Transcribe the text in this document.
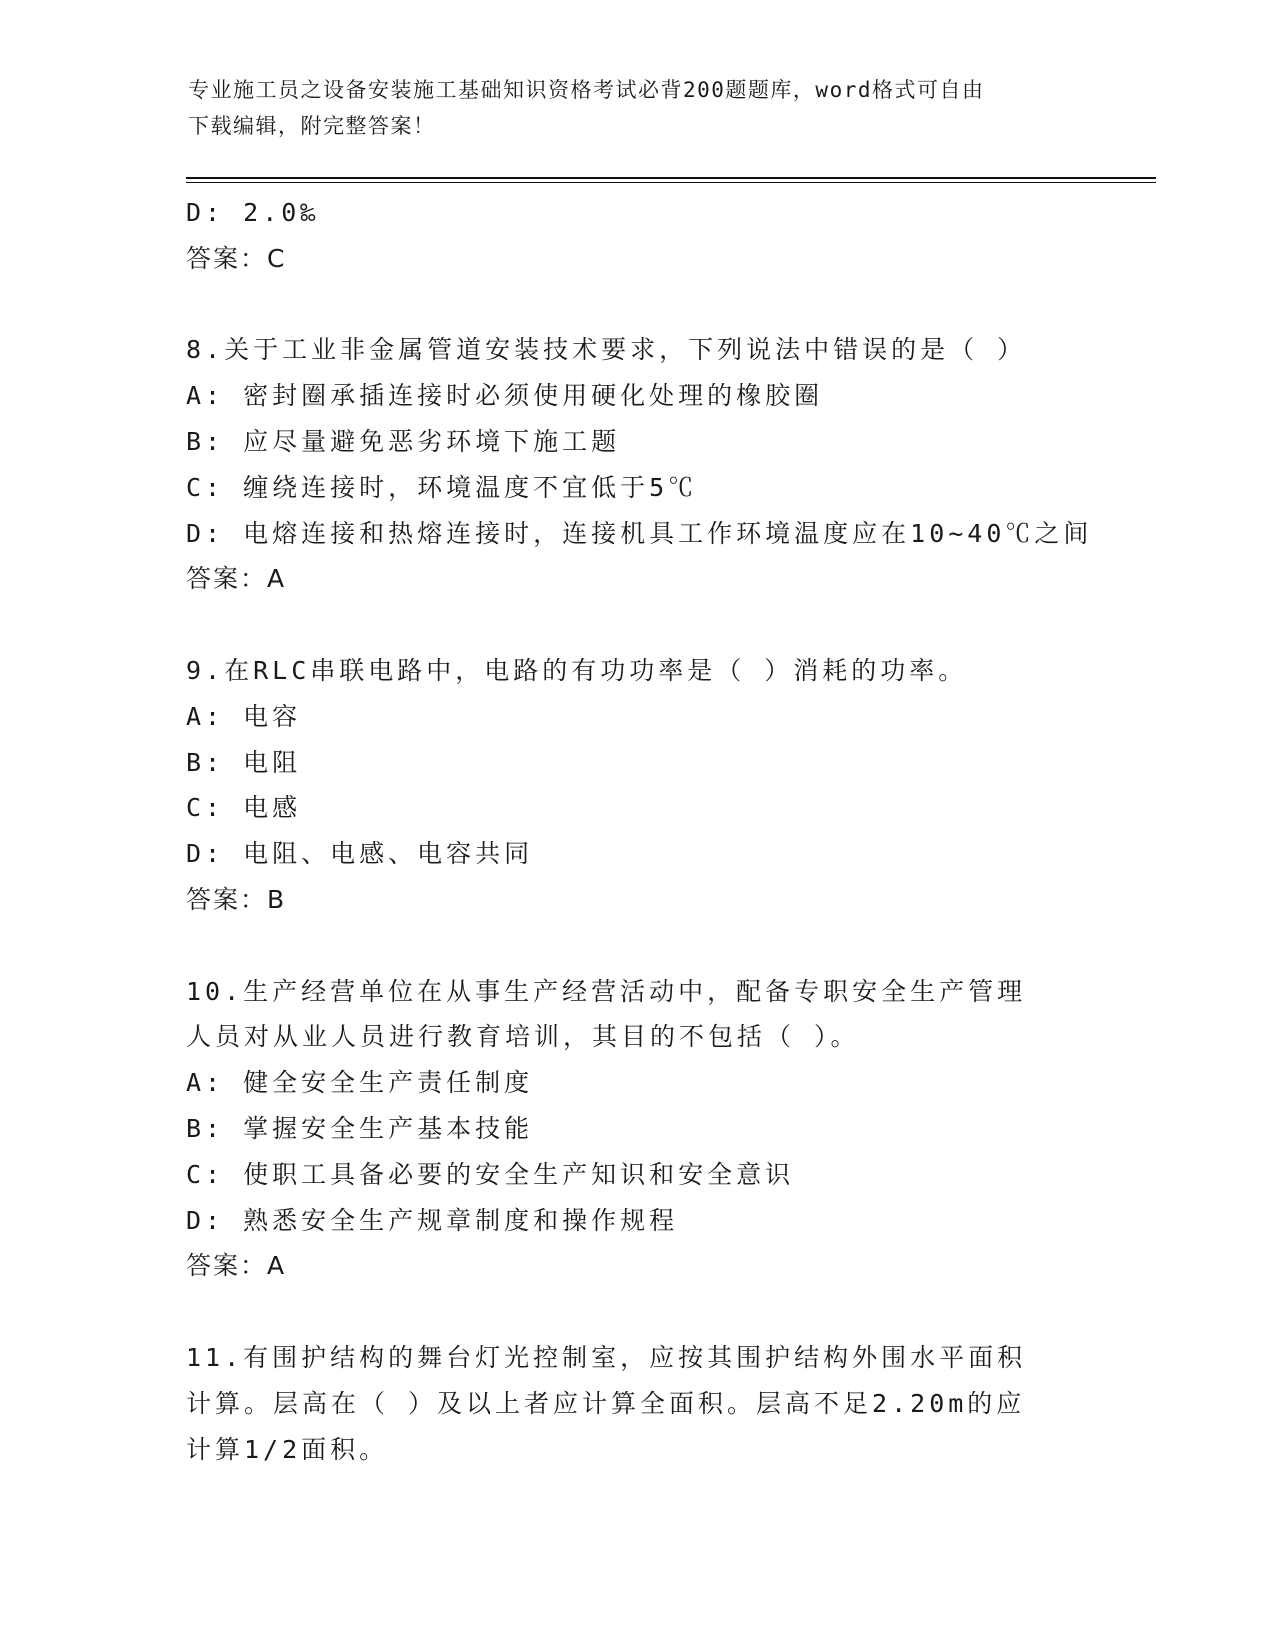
专业施工员之设备安装施工基础知识资格考试必背200题题库，word格式可自由
下载编辑，附完整答案！
D: 2.0‰
答案：C
8.关于工业非金属管道安装技术要求，下列说法中错误的是（ ）
A: 密封圈承插连接时必须使用硬化处理的橡胶圈
B: 应尽量避免恶劣环境下施工题
C: 缠绕连接时，环境温度不宜低于5℃
D: 电熔连接和热熔连接时，连接机具工作环境温度应在10~40℃之间
答案：A
9.在RLC串联电路中，电路的有功功率是（ ）消耗的功率。
A: 电容
B: 电阻
C: 电感
D: 电阻、电感、电容共同
答案：B
10.生产经营单位在从事生产经营活动中，配备专职安全生产管理人员对从业人员进行教育培训，其目的不包括（ ）。
A: 健全安全生产责任制度
B: 掌握安全生产基本技能
C: 使职工具备必要的安全生产知识和安全意识
D: 熟悉安全生产规章制度和操作规程
答案：A
11.有围护结构的舞台灯光控制室，应按其围护结构外围水平面积计算。层高在（ ）及以上者应计算全面积。层高不足2.20m的应计算1/2面积。
